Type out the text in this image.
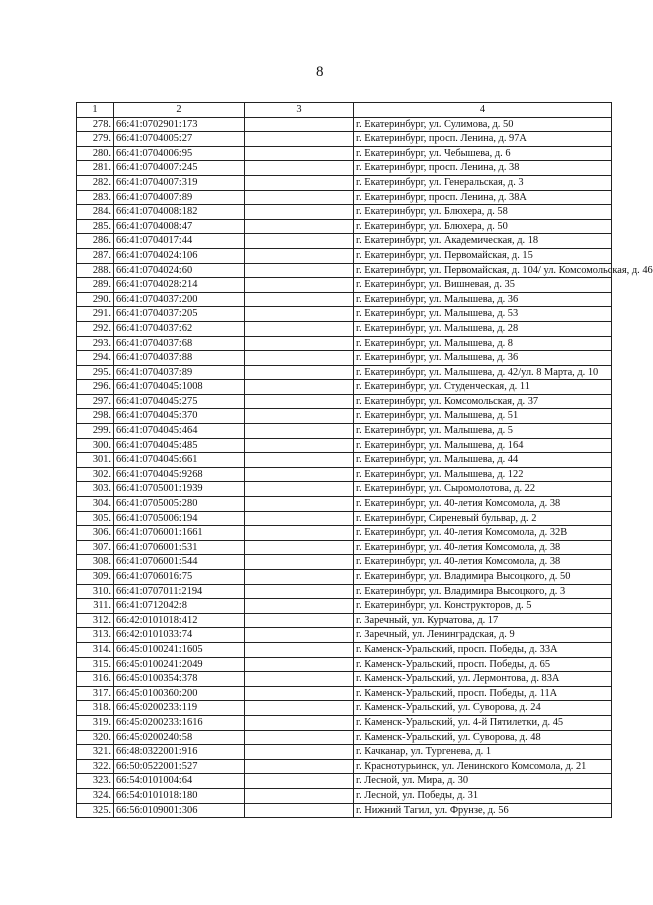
8
1	2	3	4
278.	66:41:0702901:173		г. Екатеринбург, ул. Сулимова, д. 50
279.	66:41:0704005:27		г. Екатеринбург, просп. Ленина, д. 97А
280.	66:41:0704006:95		г. Екатеринбург, ул. Чебышева, д. 6
281.	66:41:0704007:245		г. Екатеринбург, просп. Ленина, д. 38
282.	66:41:0704007:319		г. Екатеринбург, ул. Генеральская, д. 3
283.	66:41:0704007:89		г. Екатеринбург, просп. Ленина, д. 38А
284.	66:41:0704008:182		г. Екатеринбург, ул. Блюхера, д. 58
285.	66:41:0704008:47		г. Екатеринбург, ул. Блюхера, д. 50
286.	66:41:0704017:44		г. Екатеринбург, ул. Академическая, д. 18
287.	66:41:0704024:106		г. Екатеринбург, ул. Первомайская, д. 15
288.	66:41:0704024:60		г. Екатеринбург, ул. Первомайская, д. 104/ ул. Комсомольская, д. 46
289.	66:41:0704028:214		г. Екатеринбург, ул. Вишневая, д. 35
290.	66:41:0704037:200		г. Екатеринбург, ул. Малышева, д. 36
291.	66:41:0704037:205		г. Екатеринбург, ул. Малышева, д. 53
292.	66:41:0704037:62		г. Екатеринбург, ул. Малышева, д. 28
293.	66:41:0704037:68		г. Екатеринбург, ул. Малышева, д. 8
294.	66:41:0704037:88		г. Екатеринбург, ул. Малышева, д. 36
295.	66:41:0704037:89		г. Екатеринбург, ул. Малышева, д. 42/ул. 8 Марта, д. 10
296.	66:41:0704045:1008		г. Екатеринбург, ул. Студенческая, д. 11
297.	66:41:0704045:275		г. Екатеринбург, ул. Комсомольская, д. 37
298.	66:41:0704045:370		г. Екатеринбург, ул. Малышева, д. 51
299.	66:41:0704045:464		г. Екатеринбург, ул. Малышева, д. 5
300.	66:41:0704045:485		г. Екатеринбург, ул. Малышева, д. 164
301.	66:41:0704045:661		г. Екатеринбург, ул. Малышева, д. 44
302.	66:41:0704045:9268		г. Екатеринбург, ул. Малышева, д. 122
303.	66:41:0705001:1939		г. Екатеринбург, ул. Сыромолотова, д. 22
304.	66:41:0705005:280		г. Екатеринбург, ул. 40-летия Комсомола, д. 38
305.	66:41:0705006:194		г. Екатеринбург, Сиреневый бульвар, д. 2
306.	66:41:0706001:1661		г. Екатеринбург, ул. 40-летия Комсомола, д. 32В
307.	66:41:0706001:531		г. Екатеринбург, ул. 40-летия Комсомола, д. 38
308.	66:41:0706001:544		г. Екатеринбург, ул. 40-летия Комсомола, д. 38
309.	66:41:0706016:75		г. Екатеринбург, ул. Владимира Высоцкого, д. 50
310.	66:41:0707011:2194		г. Екатеринбург, ул. Владимира Высоцкого, д. 3
311.	66:41:0712042:8		г. Екатеринбург, ул. Конструкторов, д. 5
312.	66:42:0101018:412		г. Заречный, ул. Курчатова, д. 17
313.	66:42:0101033:74		г. Заречный, ул. Ленинградская, д. 9
314.	66:45:0100241:1605		г. Каменск-Уральский, просп. Победы, д. 33А
315.	66:45:0100241:2049		г. Каменск-Уральский, просп. Победы, д. 65
316.	66:45:0100354:378		г. Каменск-Уральский, ул. Лермонтова, д. 83А
317.	66:45:0100360:200		г. Каменск-Уральский, просп. Победы, д. 11А
318.	66:45:0200233:119		г. Каменск-Уральский, ул. Суворова, д. 24
319.	66:45:0200233:1616		г. Каменск-Уральский, ул. 4-й Пятилетки, д. 45
320.	66:45:0200240:58		г. Каменск-Уральский, ул. Суворова, д. 48
321.	66:48:0322001:916		г. Качканар, ул. Тургенева, д. 1
322.	66:50:0522001:527		г. Краснотурьинск, ул. Ленинского Комсомола, д. 21
323.	66:54:0101004:64		г. Лесной, ул. Мира, д. 30
324.	66:54:0101018:180		г. Лесной, ул. Победы, д. 31
325.	66:56:0109001:306		г. Нижний Тагил, ул. Фрунзе, д. 56
